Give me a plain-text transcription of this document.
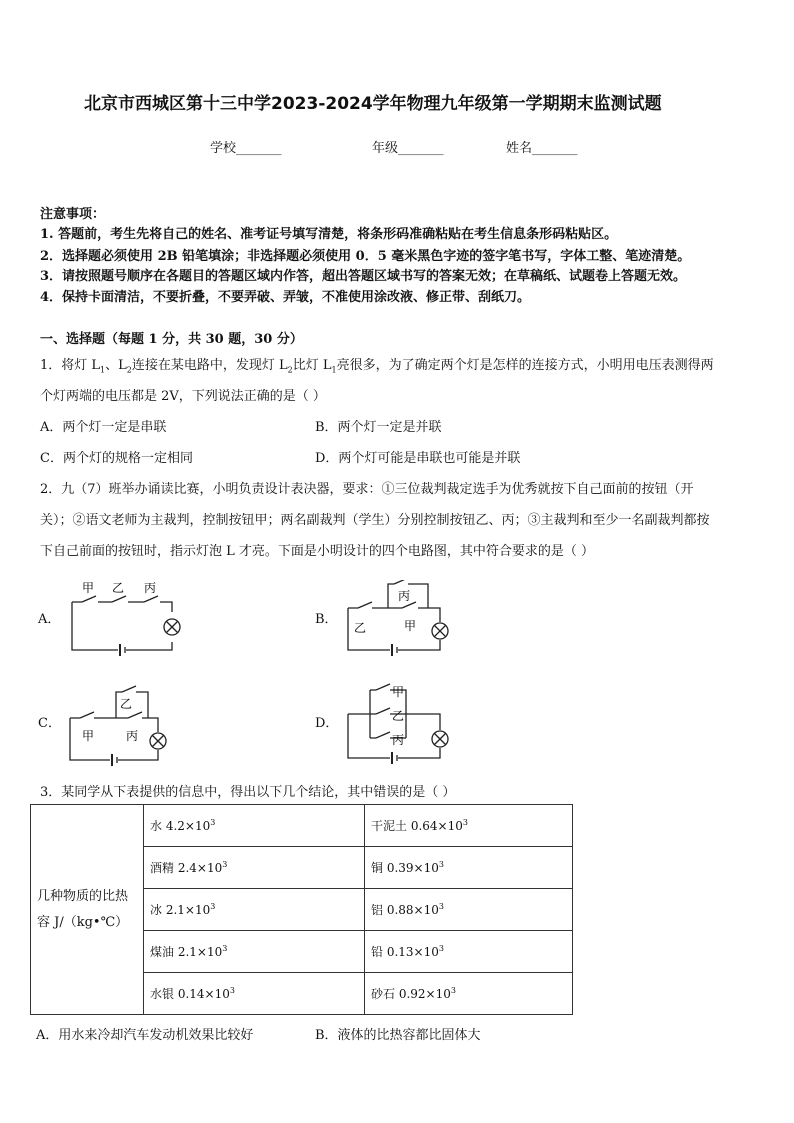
北京市西城区第十三中学2023-2024学年物理九年级第一学期期末监测试题
学校_______	年级_______	姓名_______
注意事项：
1. 答题前，考生先将自己的姓名、准考证号填写清楚，将条形码准确粘贴在考生信息条形码粘贴区。
2．选择题必须使用 2B 铅笔填涂；非选择题必须使用 0．5 毫米黑色字迹的签字笔书写，字体工整、笔迹清楚。
3．请按照题号顺序在各题目的答题区域内作答，超出答题区域书写的答案无效；在草稿纸、试题卷上答题无效。
4．保持卡面清洁，不要折叠，不要弄破、弄皱，不准使用涂改液、修正带、刮纸刀。
一、选择题（每题 1 分，共 30 题，30 分）
1．将灯 $L_1$、$L_2$连接在某电路中，发现灯 $L_2$比灯 $L_1$亮很多，为了确定两个灯是怎样的连接方式，小明用电压表测得两
个灯两端的电压都是 2V，下列说法正确的是（ ）
A．两个灯一定是串联	B．两个灯一定是并联
C．两个灯的规格一定相同	D．两个灯可能是串联也可能是并联
2．九（7）班举办诵读比赛，小明负责设计表决器，要求：①三位裁判裁定选手为优秀就按下自己面前的按钮（开
关）；②语文老师为主裁判，控制按钮甲；两名副裁判（学生）分别控制按钮乙、丙；③主裁判和至少一名副裁判都按
下自己前面的按钮时，指示灯泡 L 才亮。下面是小明设计的四个电路图，其中符合要求的是（ ）
A．	B．
C．	D．
甲 乙 丙
丙
乙	甲
乙
甲	丙
甲
乙
丙
3．某同学从下表提供的信息中，得出以下几个结论，其中错误的是（ ）
几种物质的比热
容 J/（kg•℃）	水 $4.2\times 10^3$	干泥土 $0.64\times 10^3$
	酒精 $2.4\times 10^3$	铜 $0.39\times 10^3$
	冰 $2.1\times 10^3$	铝 $0.88\times 10^3$
	煤油 $2.1\times 10^3$	铅 $0.13\times 10^3$
	水银 $0.14\times 10^3$	砂石 $0.92\times 10^3$
A．用水来冷却汽车发动机效果比较好	B．液体的比热容都比固体大
